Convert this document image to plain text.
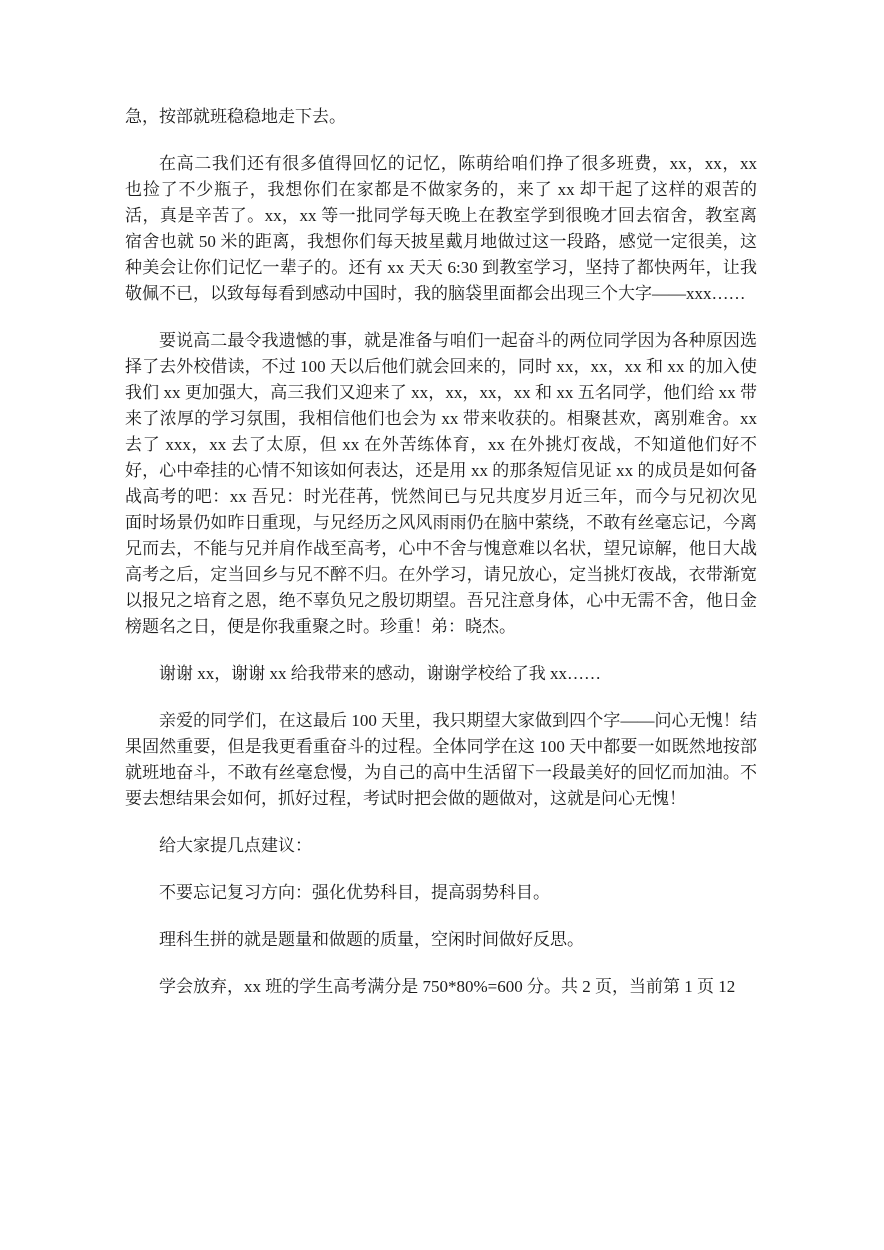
急，按部就班稳稳地走下去。

在高二我们还有很多值得回忆的记忆，陈萌给咱们挣了很多班费，xx，xx，xx 也捡了不少瓶子，我想你们在家都是不做家务的，来了 xx 却干起了这样的艰苦的活，真是辛苦了。xx，xx 等一批同学每天晚上在教室学到很晚才回去宿舍，教室离宿舍也就 50 米的距离，我想你们每天披星戴月地做过这一段路，感觉一定很美，这种美会让你们记忆一辈子的。还有 xx 天天 6:30 到教室学习，坚持了都快两年，让我敬佩不已，以致每每看到感动中国时，我的脑袋里面都会出现三个大字——xxx……

要说高二最令我遗憾的事，就是准备与咱们一起奋斗的两位同学因为各种原因选择了去外校借读，不过 100 天以后他们就会回来的，同时 xx，xx，xx 和 xx 的加入使我们 xx 更加强大，高三我们又迎来了 xx，xx，xx，xx 和 xx 五名同学，他们给 xx 带来了浓厚的学习氛围，我相信他们也会为 xx 带来收获的。相聚甚欢，离别难舍。xx 去了 xxx，xx 去了太原，但 xx 在外苦练体育，xx 在外挑灯夜战，不知道他们好不好，心中牵挂的心情不知该如何表达，还是用 xx 的那条短信见证 xx 的成员是如何备战高考的吧：xx 吾兄：时光荏苒，恍然间已与兄共度岁月近三年，而今与兄初次见面时场景仍如昨日重现，与兄经历之风风雨雨仍在脑中萦绕，不敢有丝毫忘记，今离兄而去，不能与兄并肩作战至高考，心中不舍与愧意难以名状，望兄谅解，他日大战高考之后，定当回乡与兄不醉不归。在外学习，请兄放心，定当挑灯夜战，衣带渐宽以报兄之培育之恩，绝不辜负兄之殷切期望。吾兄注意身体，心中无需不舍，他日金榜题名之日，便是你我重聚之时。珍重！弟：晓杰。

谢谢 xx，谢谢 xx 给我带来的感动，谢谢学校给了我 xx……

亲爱的同学们，在这最后 100 天里，我只期望大家做到四个字——问心无愧！结果固然重要，但是我更看重奋斗的过程。全体同学在这 100 天中都要一如既然地按部就班地奋斗，不敢有丝毫怠慢，为自己的高中生活留下一段最美好的回忆而加油。不要去想结果会如何，抓好过程，考试时把会做的题做对，这就是问心无愧！

给大家提几点建议：

不要忘记复习方向：强化优势科目，提高弱势科目。

理科生拼的就是题量和做题的质量，空闲时间做好反思。

学会放弃，xx 班的学生高考满分是 750*80%=600 分。共 2 页，当前第 1 页 12
